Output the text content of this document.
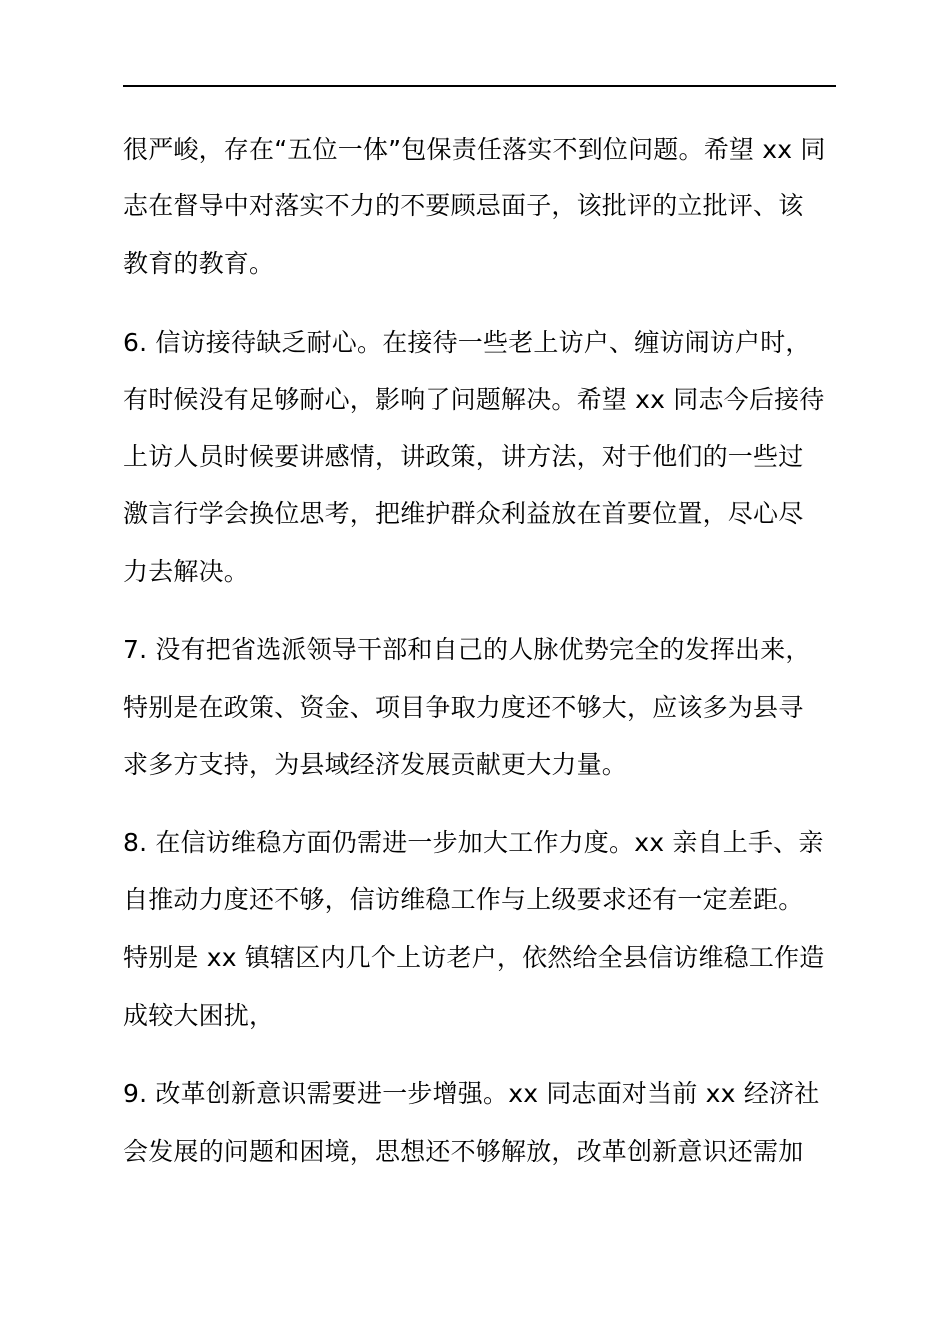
很严峻，存在“五位一体”包保责任落实不到位问题。希望 xx 同
志在督导中对落实不力的不要顾忌面子，该批评的立批评、该
教育的教育。
6. 信访接待缺乏耐心。在接待一些老上访户、缠访闹访户时，
有时候没有足够耐心，影响了问题解决。希望 xx 同志今后接待
上访人员时候要讲感情，讲政策，讲方法，对于他们的一些过
激言行学会换位思考，把维护群众利益放在首要位置，尽心尽
力去解决。
7. 没有把省选派领导干部和自己的人脉优势完全的发挥出来，
特别是在政策、资金、项目争取力度还不够大，应该多为县寻
求多方支持，为县域经济发展贡献更大力量。
8. 在信访维稳方面仍需进一步加大工作力度。xx 亲自上手、亲
自推动力度还不够，信访维稳工作与上级要求还有一定差距。
特别是 xx 镇辖区内几个上访老户，依然给全县信访维稳工作造
成较大困扰，
9. 改革创新意识需要进一步增强。xx 同志面对当前 xx 经济社
会发展的问题和困境，思想还不够解放，改革创新意识还需加
